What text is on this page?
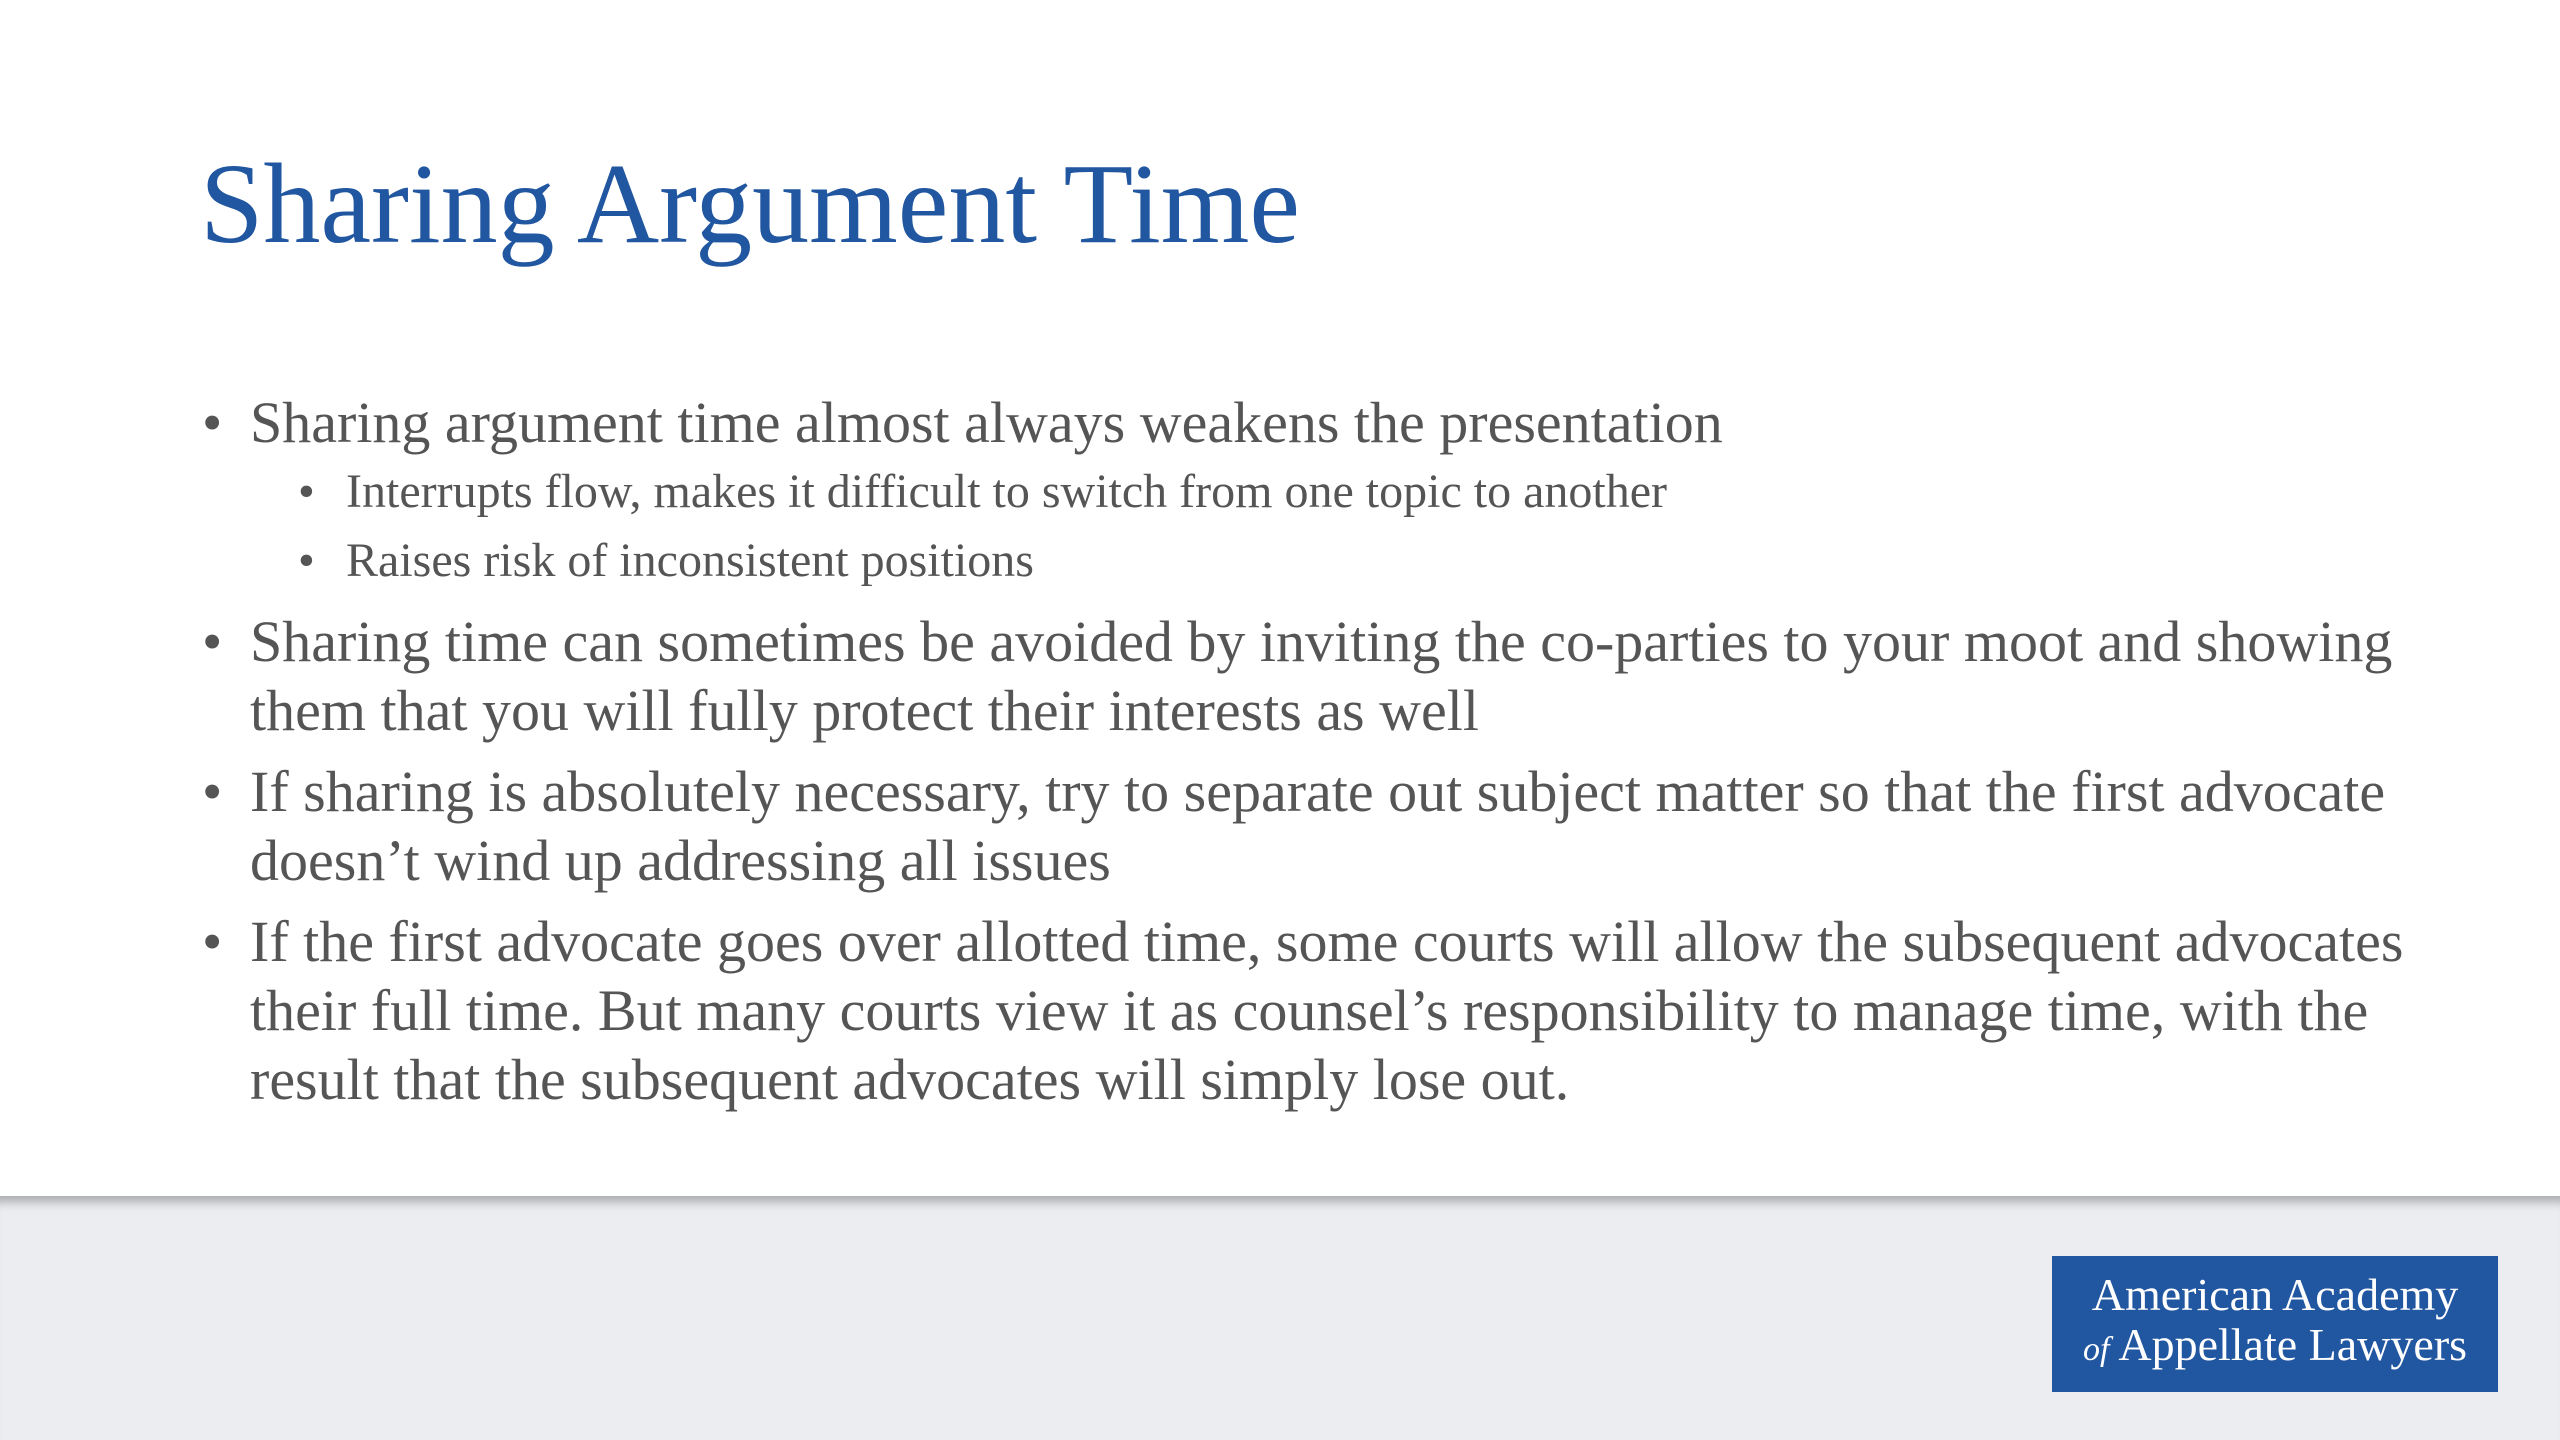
Sharing Argument Time
• Sharing argument time almost always weakens the presentation
• Interrupts flow, makes it difficult to switch from one topic to another
• Raises risk of inconsistent positions
• Sharing time can sometimes be avoided by inviting the co-parties to your moot and showing them that you will fully protect their interests as well
• If sharing is absolutely necessary, try to separate out subject matter so that the first advocate doesn’t wind up addressing all issues
• If the first advocate goes over allotted time, some courts will allow the subsequent advocates their full time. But many courts view it as counsel’s responsibility to manage time, with the result that the subsequent advocates will simply lose out.
American Academy
of Appellate Lawyers
